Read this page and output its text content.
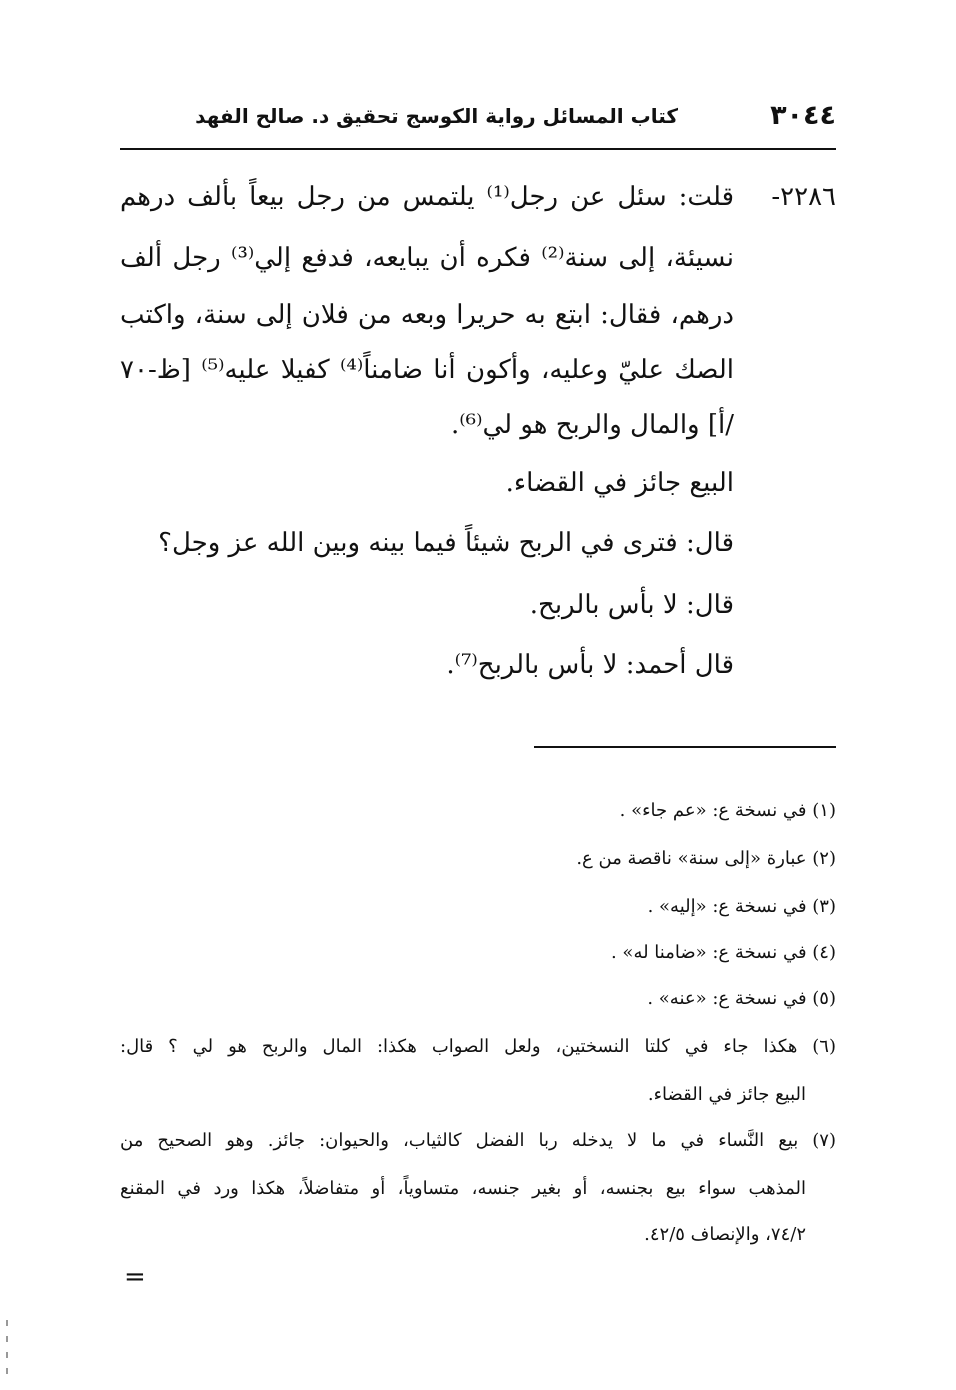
٣٠٤٤
كتاب المسائل رواية الكوسج تحقيق د. صالح الفهد
٢٢٨٦-
قلت: سئل عن رجل⁽¹⁾ يلتمس من رجل بيعاً بألف درهم
نسيئة، إلى سنة⁽²⁾ فكره أن يبايعه، فدفع إلي⁽³⁾ رجل ألف
درهم، فقال: ابتع به حريرا وبعه من فلان إلى سنة، واكتب
الصك عليّ وعليه، وأكون أنا ضامناً⁽⁴⁾ كفيلا عليه⁽⁵⁾ [ظ-٧٠
/أ] والمال والربح هو لي⁽⁶⁾.
البيع جائز في القضاء.
قال: فترى في الربح شيئاً فيما بينه وبين الله عز وجل؟
قال: لا بأس بالربح.
قال أحمد: لا بأس بالربح⁽⁷⁾.
(١) في نسخة ع: «عم جاء» .
(٢) عبارة «إلى سنة» ناقصة من ع.
(٣) في نسخة ع: «إليه» .
(٤) في نسخة ع: «ضامنا له» .
(٥) في نسخة ع: «عنه» .
(٦) هكذا جاء في كلتا النسختين، ولعل الصواب هكذا: المال والربح هو لي ؟ قال:
البيع جائز في القضاء.
(٧) بيع النَّساء في ما لا يدخله ربا الفضل كالثياب، والحيوان: جائز. وهو الصحيح من
المذهب سواء بيع بجنسه، أو بغير جنسه، متساوياً، أو متفاضلاً، هكذا ورد في المقنع
٧٤/٢، والإنصاف ٤٢/٥.
=
